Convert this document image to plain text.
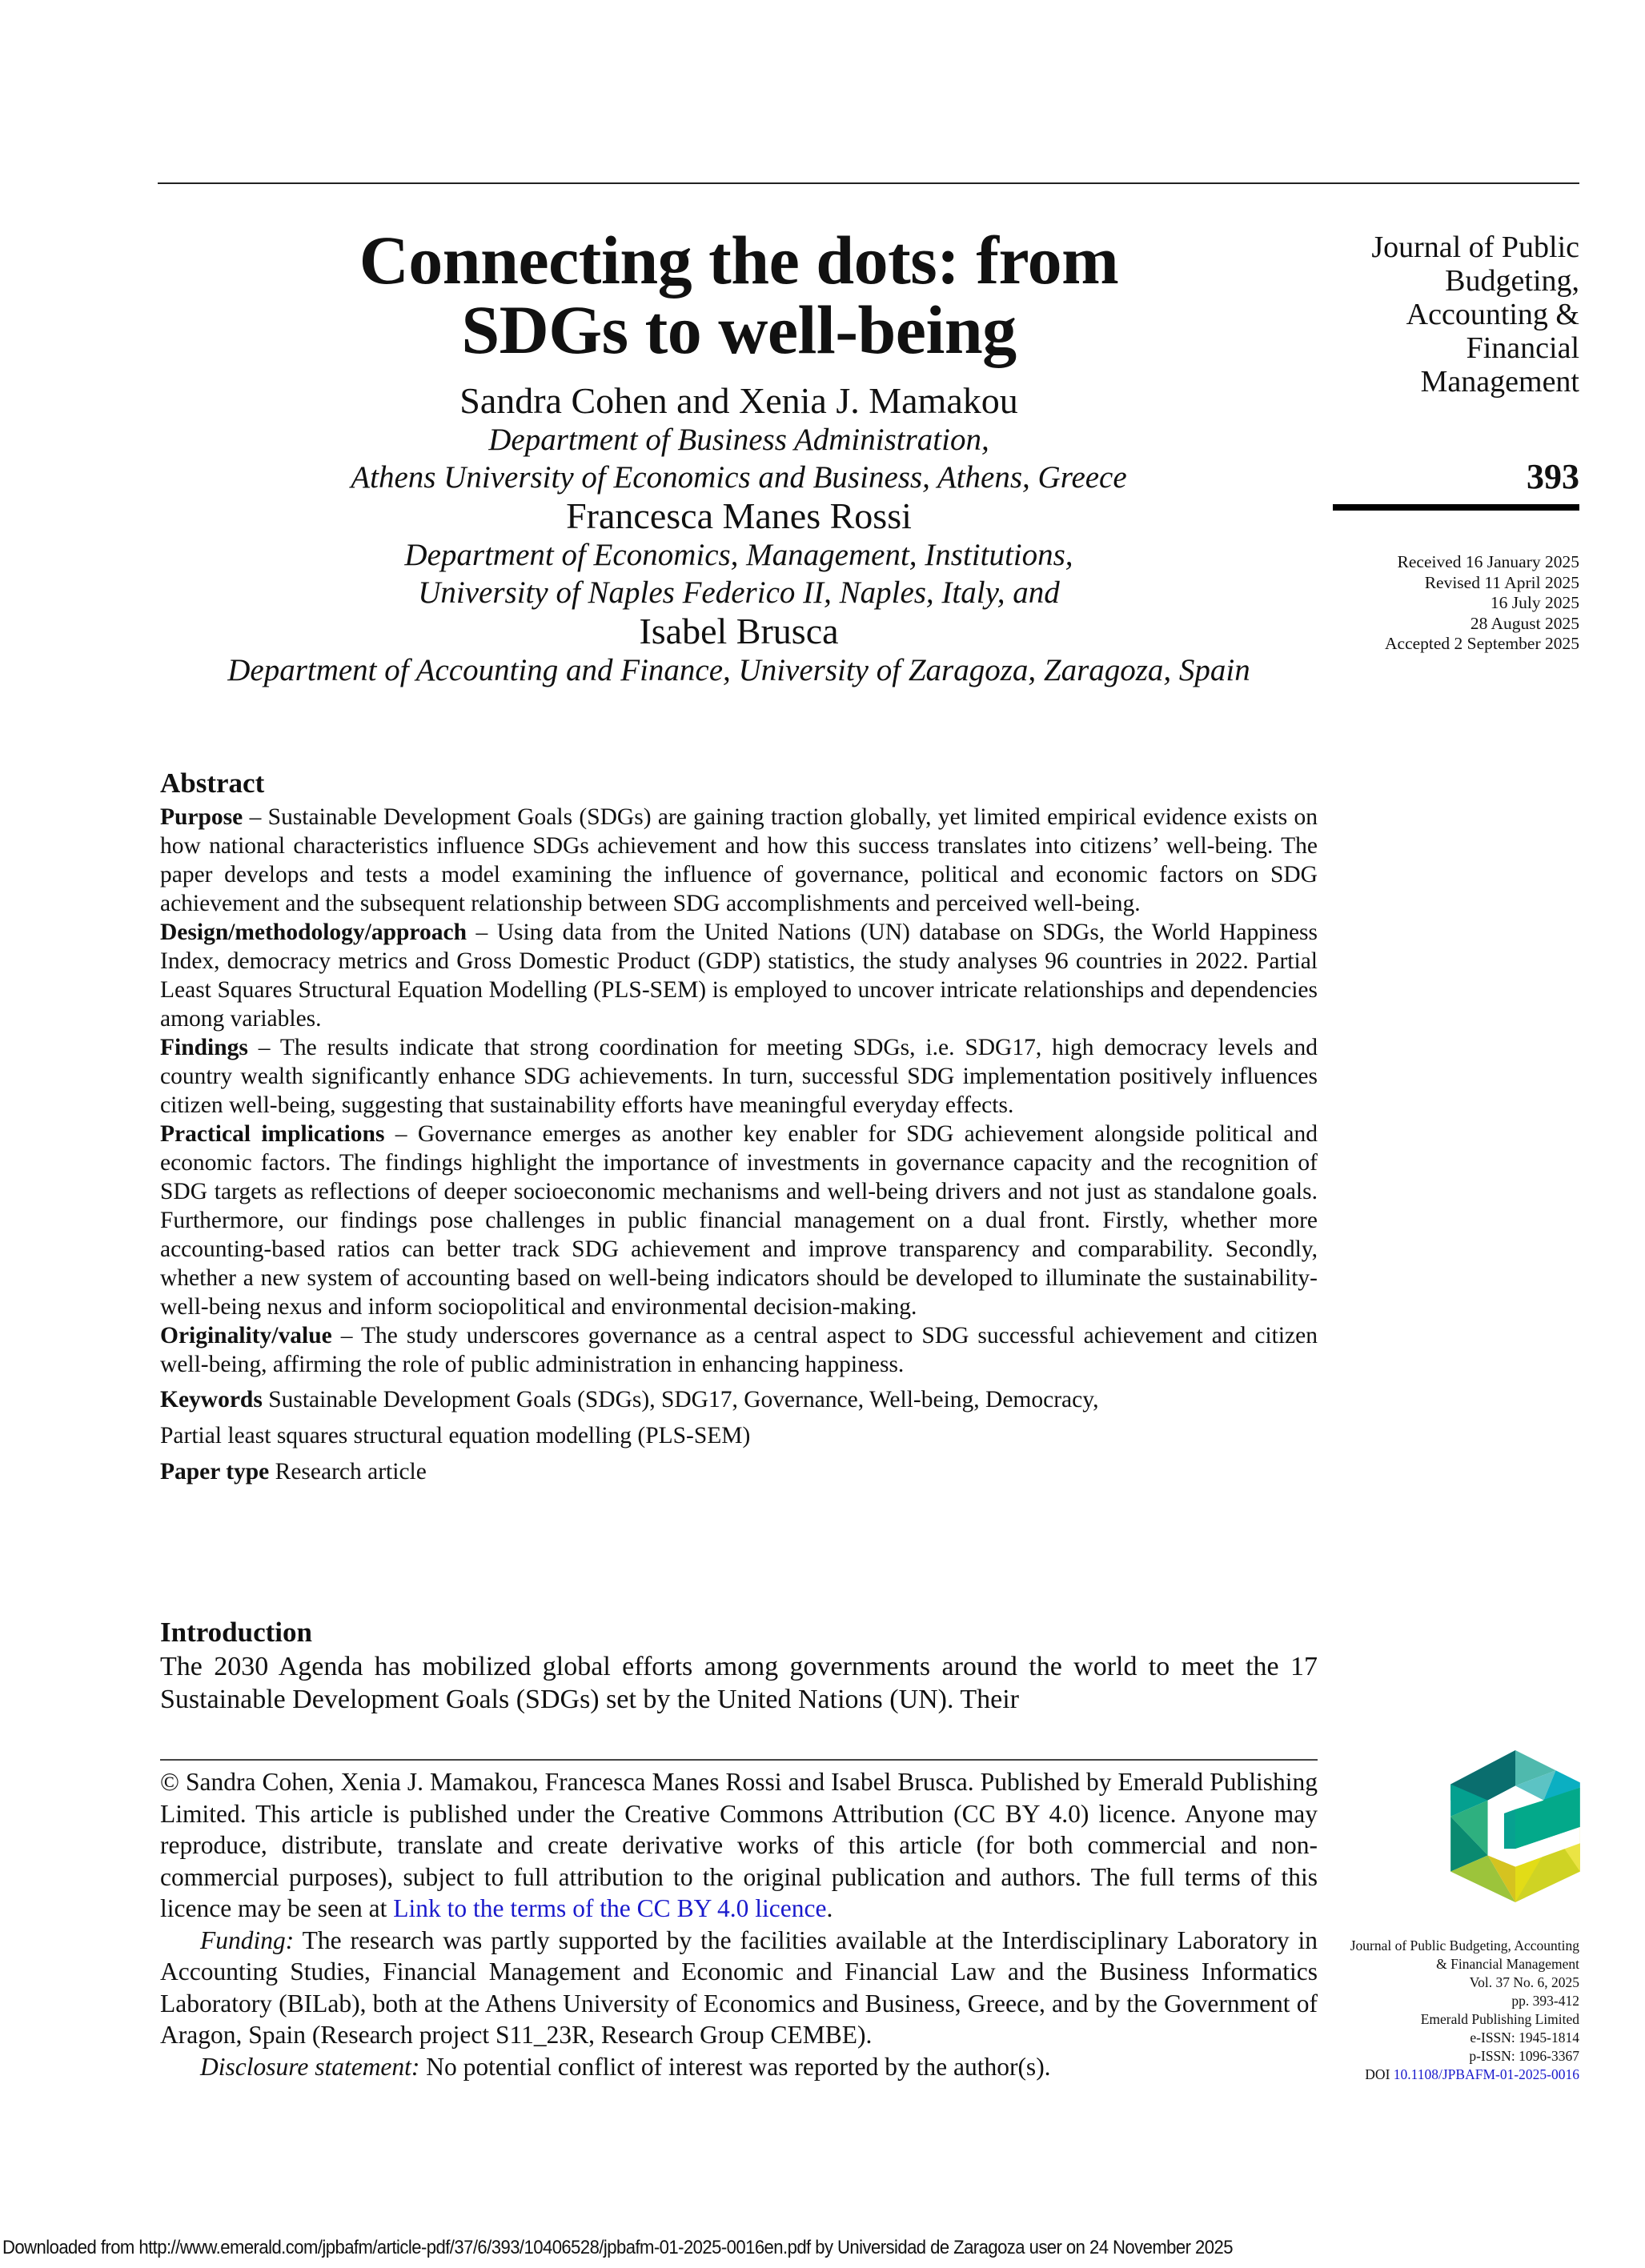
Connecting the dots: from
SDGs to well-being
Sandra Cohen and Xenia J. Mamakou
Department of Business Administration,
Athens University of Economics and Business, Athens, Greece
Francesca Manes Rossi
Department of Economics, Management, Institutions,
University of Naples Federico II, Naples, Italy, and
Isabel Brusca
Department of Accounting and Finance, University of Zaragoza, Zaragoza, Spain
Abstract

Purpose – Sustainable Development Goals (SDGs) are gaining traction globally, yet limited empirical evidence exists on how national characteristics influence SDGs achievement and how this success translates into citizens’ well-being. The paper develops and tests a model examining the influence of governance, political and economic factors on SDG achievement and the subsequent relationship between SDG accomplishments and perceived well-being.

Design/methodology/approach – Using data from the United Nations (UN) database on SDGs, the World Happiness Index, democracy metrics and Gross Domestic Product (GDP) statistics, the study analyses 96 countries in 2022. Partial Least Squares Structural Equation Modelling (PLS-SEM) is employed to uncover intricate relationships and dependencies among variables.

Findings – The results indicate that strong coordination for meeting SDGs, i.e. SDG17, high democracy levels and country wealth significantly enhance SDG achievements. In turn, successful SDG implementation positively influences citizen well-being, suggesting that sustainability efforts have meaningful everyday effects.

Practical implications – Governance emerges as another key enabler for SDG achievement alongside political and economic factors. The findings highlight the importance of investments in governance capacity and the recognition of SDG targets as reflections of deeper socioeconomic mechanisms and well-being drivers and not just as standalone goals. Furthermore, our findings pose challenges in public financial management on a dual front. Firstly, whether more accounting-based ratios can better track SDG achievement and improve transparency and comparability. Secondly, whether a new system of accounting based on well-being indicators should be developed to illuminate the sustainability-well-being nexus and inform sociopolitical and environmental decision-making.

Originality/value – The study underscores governance as a central aspect to SDG successful achievement and citizen well-being, affirming the role of public administration in enhancing happiness.

Keywords Sustainable Development Goals (SDGs), SDG17, Governance, Well-being, Democracy,
Partial least squares structural equation modelling (PLS-SEM)

Paper type Research article

Introduction

The 2030 Agenda has mobilized global efforts among governments around the world to meet the 17 Sustainable Development Goals (SDGs) set by the United Nations (UN). Their

© Sandra Cohen, Xenia J. Mamakou, Francesca Manes Rossi and Isabel Brusca. Published by Emerald Publishing Limited. This article is published under the Creative Commons Attribution (CC BY 4.0) licence. Anyone may reproduce, distribute, translate and create derivative works of this article (for both commercial and non-commercial purposes), subject to full attribution to the original publication and authors. The full terms of this licence may be seen at Link to the terms of the CC BY 4.0 licence.

Funding: The research was partly supported by the facilities available at the Interdisciplinary Laboratory in Accounting Studies, Financial Management and Economic and Financial Law and the Business Informatics Laboratory (BILab), both at the Athens University of Economics and Business, Greece, and by the Government of Aragon, Spain (Research project S11_23R, Research Group CEMBE).

Disclosure statement: No potential conflict of interest was reported by the author(s).

Journal of Public
Budgeting,
Accounting &
Financial
Management
393
Received 16 January 2025
Revised 11 April 2025
16 July 2025
28 August 2025
Accepted 2 September 2025
Journal of Public Budgeting, Accounting
& Financial Management
Vol. 37 No. 6, 2025
pp. 393-412
Emerald Publishing Limited
e-ISSN: 1945-1814
p-ISSN: 1096-3367
DOI 10.1108/JPBAFM-01-2025-0016
Downloaded from http://www.emerald.com/jpbafm/article-pdf/37/6/393/10406528/jpbafm-01-2025-0016en.pdf by Universidad de Zaragoza user on 24 November 2025
